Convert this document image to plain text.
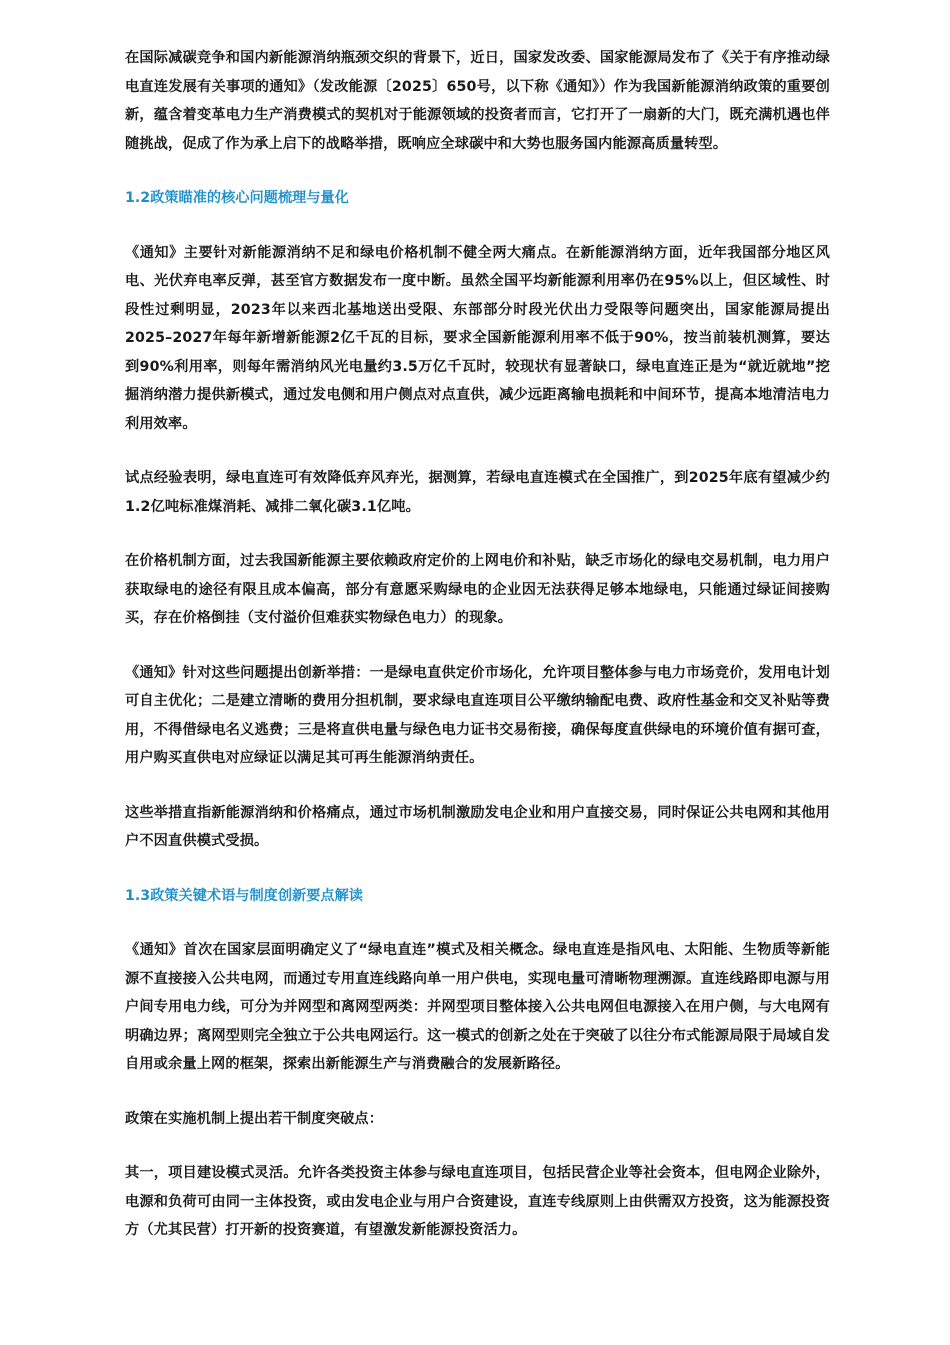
在国际减碳竞争和国内新能源消纳瓶颈交织的背景下，近日，国家发改委、国家能源局发布了《关于有序推动绿电直连发展有关事项的通知》（发改能源〔2025〕650号，以下称《通知》）作为我国新能源消纳政策的重要创新，蕴含着变革电力生产消费模式的契机对于能源领域的投资者而言，它打开了一扇新的大门，既充满机遇也伴随挑战，促成了作为承上启下的战略举措，既响应全球碳中和大势也服务国内能源高质量转型。

1.2政策瞄准的核心问题梳理与量化

《通知》主要针对新能源消纳不足和绿电价格机制不健全两大痛点。在新能源消纳方面，近年我国部分地区风电、光伏弃电率反弹，甚至官方数据发布一度中断。虽然全国平均新能源利用率仍在95%以上，但区域性、时段性过剩明显，2023年以来西北基地送出受限、东部部分时段光伏出力受限等问题突出，国家能源局提出2025–2027年每年新增新能源2亿千瓦的目标，要求全国新能源利用率不低于90%，按当前装机测算，要达到90%利用率，则每年需消纳风光电量约3.5万亿千瓦时，较现状有显著缺口，绿电直连正是为“就近就地”挖掘消纳潜力提供新模式，通过发电侧和用户侧点对点直供，减少远距离输电损耗和中间环节，提高本地清洁电力利用效率。

试点经验表明，绿电直连可有效降低弃风弃光，据测算，若绿电直连模式在全国推广，到2025年底有望减少约1.2亿吨标准煤消耗、减排二氧化碳3.1亿吨。

在价格机制方面，过去我国新能源主要依赖政府定价的上网电价和补贴，缺乏市场化的绿电交易机制，电力用户获取绿电的途径有限且成本偏高，部分有意愿采购绿电的企业因无法获得足够本地绿电，只能通过绿证间接购买，存在价格倒挂（支付溢价但难获实物绿色电力）的现象。

《通知》针对这些问题提出创新举措：一是绿电直供定价市场化，允许项目整体参与电力市场竞价，发用电计划可自主优化；二是建立清晰的费用分担机制，要求绿电直连项目公平缴纳输配电费、政府性基金和交叉补贴等费用，不得借绿电名义逃费；三是将直供电量与绿色电力证书交易衔接，确保每度直供绿电的环境价值有据可查，用户购买直供电对应绿证以满足其可再生能源消纳责任。

这些举措直指新能源消纳和价格痛点，通过市场机制激励发电企业和用户直接交易，同时保证公共电网和其他用户不因直供模式受损。

1.3政策关键术语与制度创新要点解读

《通知》首次在国家层面明确定义了“绿电直连”模式及相关概念。绿电直连是指风电、太阳能、生物质等新能源不直接接入公共电网，而通过专用直连线路向单一用户供电，实现电量可清晰物理溯源。直连线路即电源与用户间专用电力线，可分为并网型和离网型两类：并网型项目整体接入公共电网但电源接入在用户侧，与大电网有明确边界；离网型则完全独立于公共电网运行。这一模式的创新之处在于突破了以往分布式能源局限于局域自发自用或余量上网的框架，探索出新能源生产与消费融合的发展新路径。

政策在实施机制上提出若干制度突破点：

其一，项目建设模式灵活。允许各类投资主体参与绿电直连项目，包括民营企业等社会资本，但电网企业除外，电源和负荷可由同一主体投资，或由发电企业与用户合资建设，直连专线原则上由供需双方投资，这为能源投资方（尤其民营）打开新的投资赛道，有望激发新能源投资活力。
